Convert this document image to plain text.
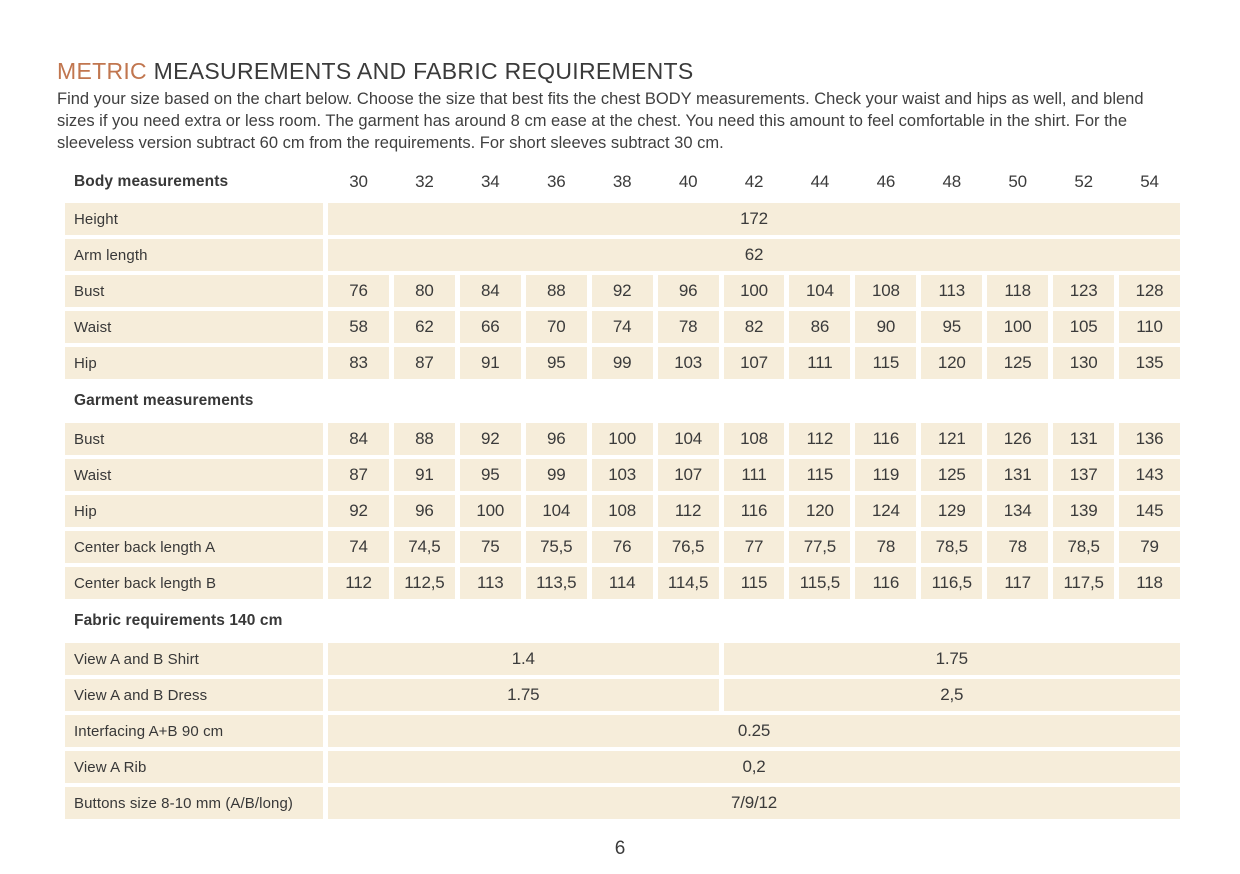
METRIC MEASUREMENTS AND FABRIC REQUIREMENTS

Find your size based on the chart below. Choose the size that best fits the chest BODY measurements. Check your waist and hips as well, and blend sizes if you need extra or less room. The garment has around 8 cm ease at the chest. You need this amount to feel comfortable in the shirt. For the sleeveless version subtract 60 cm from the requirements. For short sleeves subtract 30 cm.

Body measurements	30	32	34	36	38	40	42	44	46	48	50	52	54
Height	172
Arm length	62
Bust	76	80	84	88	92	96	100	104	108	113	118	123	128
Waist	58	62	66	70	74	78	82	86	90	95	100	105	110
Hip	83	87	91	95	99	103	107	111	115	120	125	130	135
Garment measurements
Bust	84	88	92	96	100	104	108	112	116	121	126	131	136
Waist	87	91	95	99	103	107	111	115	119	125	131	137	143
Hip	92	96	100	104	108	112	116	120	124	129	134	139	145
Center back length A	74	74,5	75	75,5	76	76,5	77	77,5	78	78,5	78	78,5	79
Center back length B	112	112,5	113	113,5	114	114,5	115	115,5	116	116,5	117	117,5	118
Fabric requirements 140 cm
View A and B Shirt	1.4	1.75
View A and B Dress	1.75	2,5
Interfacing A+B 90 cm	0.25
View A Rib	0,2
Buttons size 8-10 mm (A/B/long)	7/9/12
6
